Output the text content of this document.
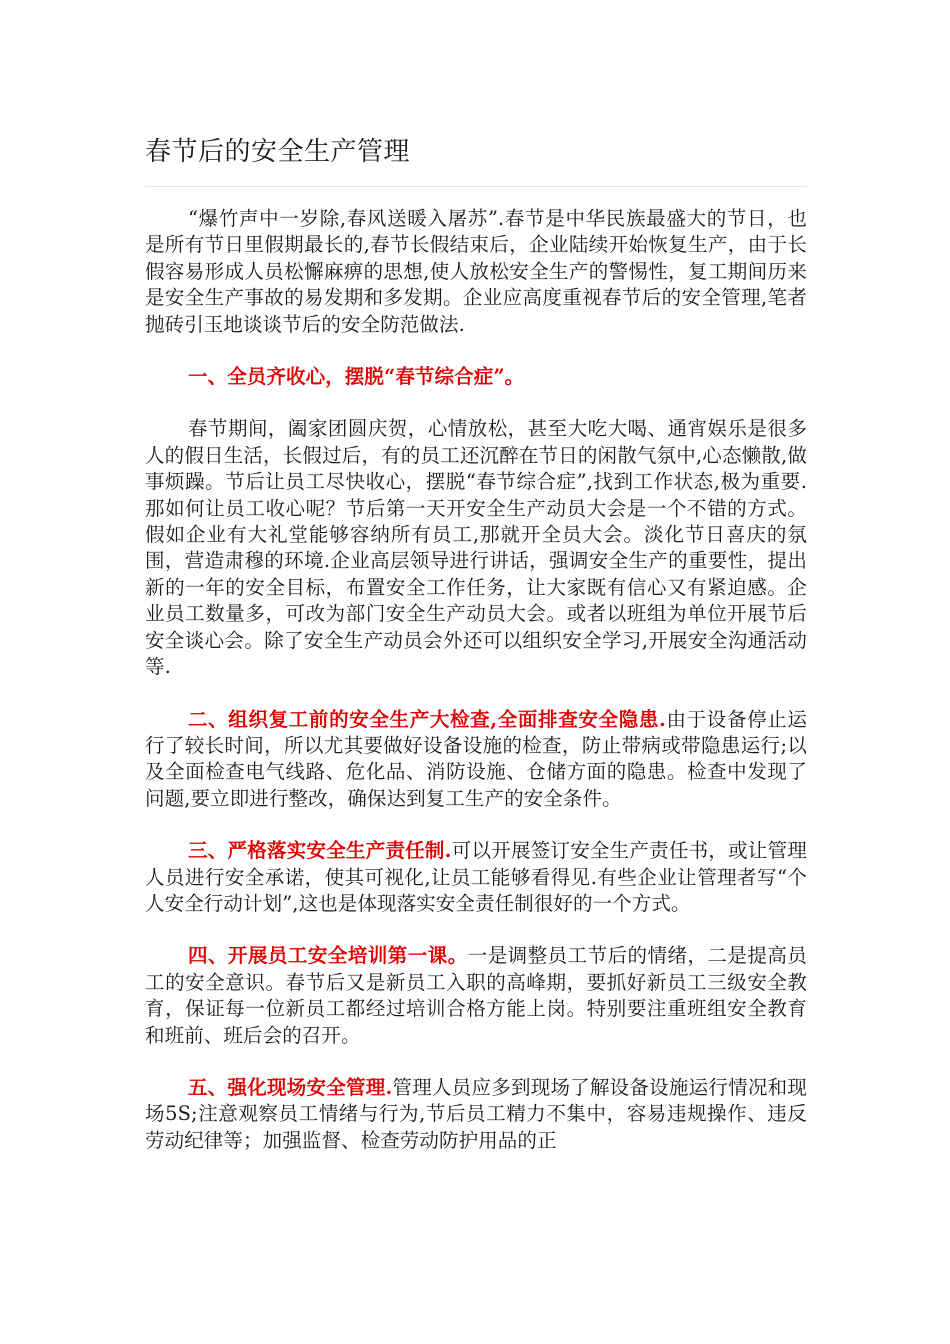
春节后的安全生产管理

“爆竹声中一岁除,春风送暖入屠苏”.春节是中华民族最盛大的节日，也是所有节日里假期最长的,春节长假结束后，企业陆续开始恢复生产，由于长假容易形成人员松懈麻痹的思想,使人放松安全生产的警惕性，复工期间历来是安全生产事故的易发期和多发期。企业应高度重视春节后的安全管理,笔者抛砖引玉地谈谈节后的安全防范做法.

一、全员齐收心，摆脱“春节综合症”。

春节期间，阖家团圆庆贺，心情放松，甚至大吃大喝、通宵娱乐是很多人的假日生活，长假过后，有的员工还沉醉在节日的闲散气氛中,心态懒散,做事烦躁。节后让员工尽快收心，摆脱“春节综合症”,找到工作状态,极为重要.那如何让员工收心呢？节后第一天开安全生产动员大会是一个不错的方式。假如企业有大礼堂能够容纳所有员工,那就开全员大会。淡化节日喜庆的氛围，营造肃穆的环境.企业高层领导进行讲话，强调安全生产的重要性，提出新的一年的安全目标，布置安全工作任务，让大家既有信心又有紧迫感。企业员工数量多，可改为部门安全生产动员大会。或者以班组为单位开展节后安全谈心会。除了安全生产动员会外还可以组织安全学习,开展安全沟通活动等.

二、组织复工前的安全生产大检查,全面排查安全隐患.由于设备停止运行了较长时间，所以尤其要做好设备设施的检查，防止带病或带隐患运行;以及全面检查电气线路、危化品、消防设施、仓储方面的隐患。检查中发现了问题,要立即进行整改，确保达到复工生产的安全条件。

三、严格落实安全生产责任制.可以开展签订安全生产责任书，或让管理人员进行安全承诺，使其可视化,让员工能够看得见.有些企业让管理者写“个人安全行动计划”,这也是体现落实安全责任制很好的一个方式。

四、开展员工安全培训第一课。一是调整员工节后的情绪，二是提高员工的安全意识。春节后又是新员工入职的高峰期，要抓好新员工三级安全教育，保证每一位新员工都经过培训合格方能上岗。特别要注重班组安全教育和班前、班后会的召开。

五、强化现场安全管理.管理人员应多到现场了解设备设施运行情况和现场5S;注意观察员工情绪与行为,节后员工精力不集中，容易违规操作、违反劳动纪律等；加强监督、检查劳动防护用品的正
